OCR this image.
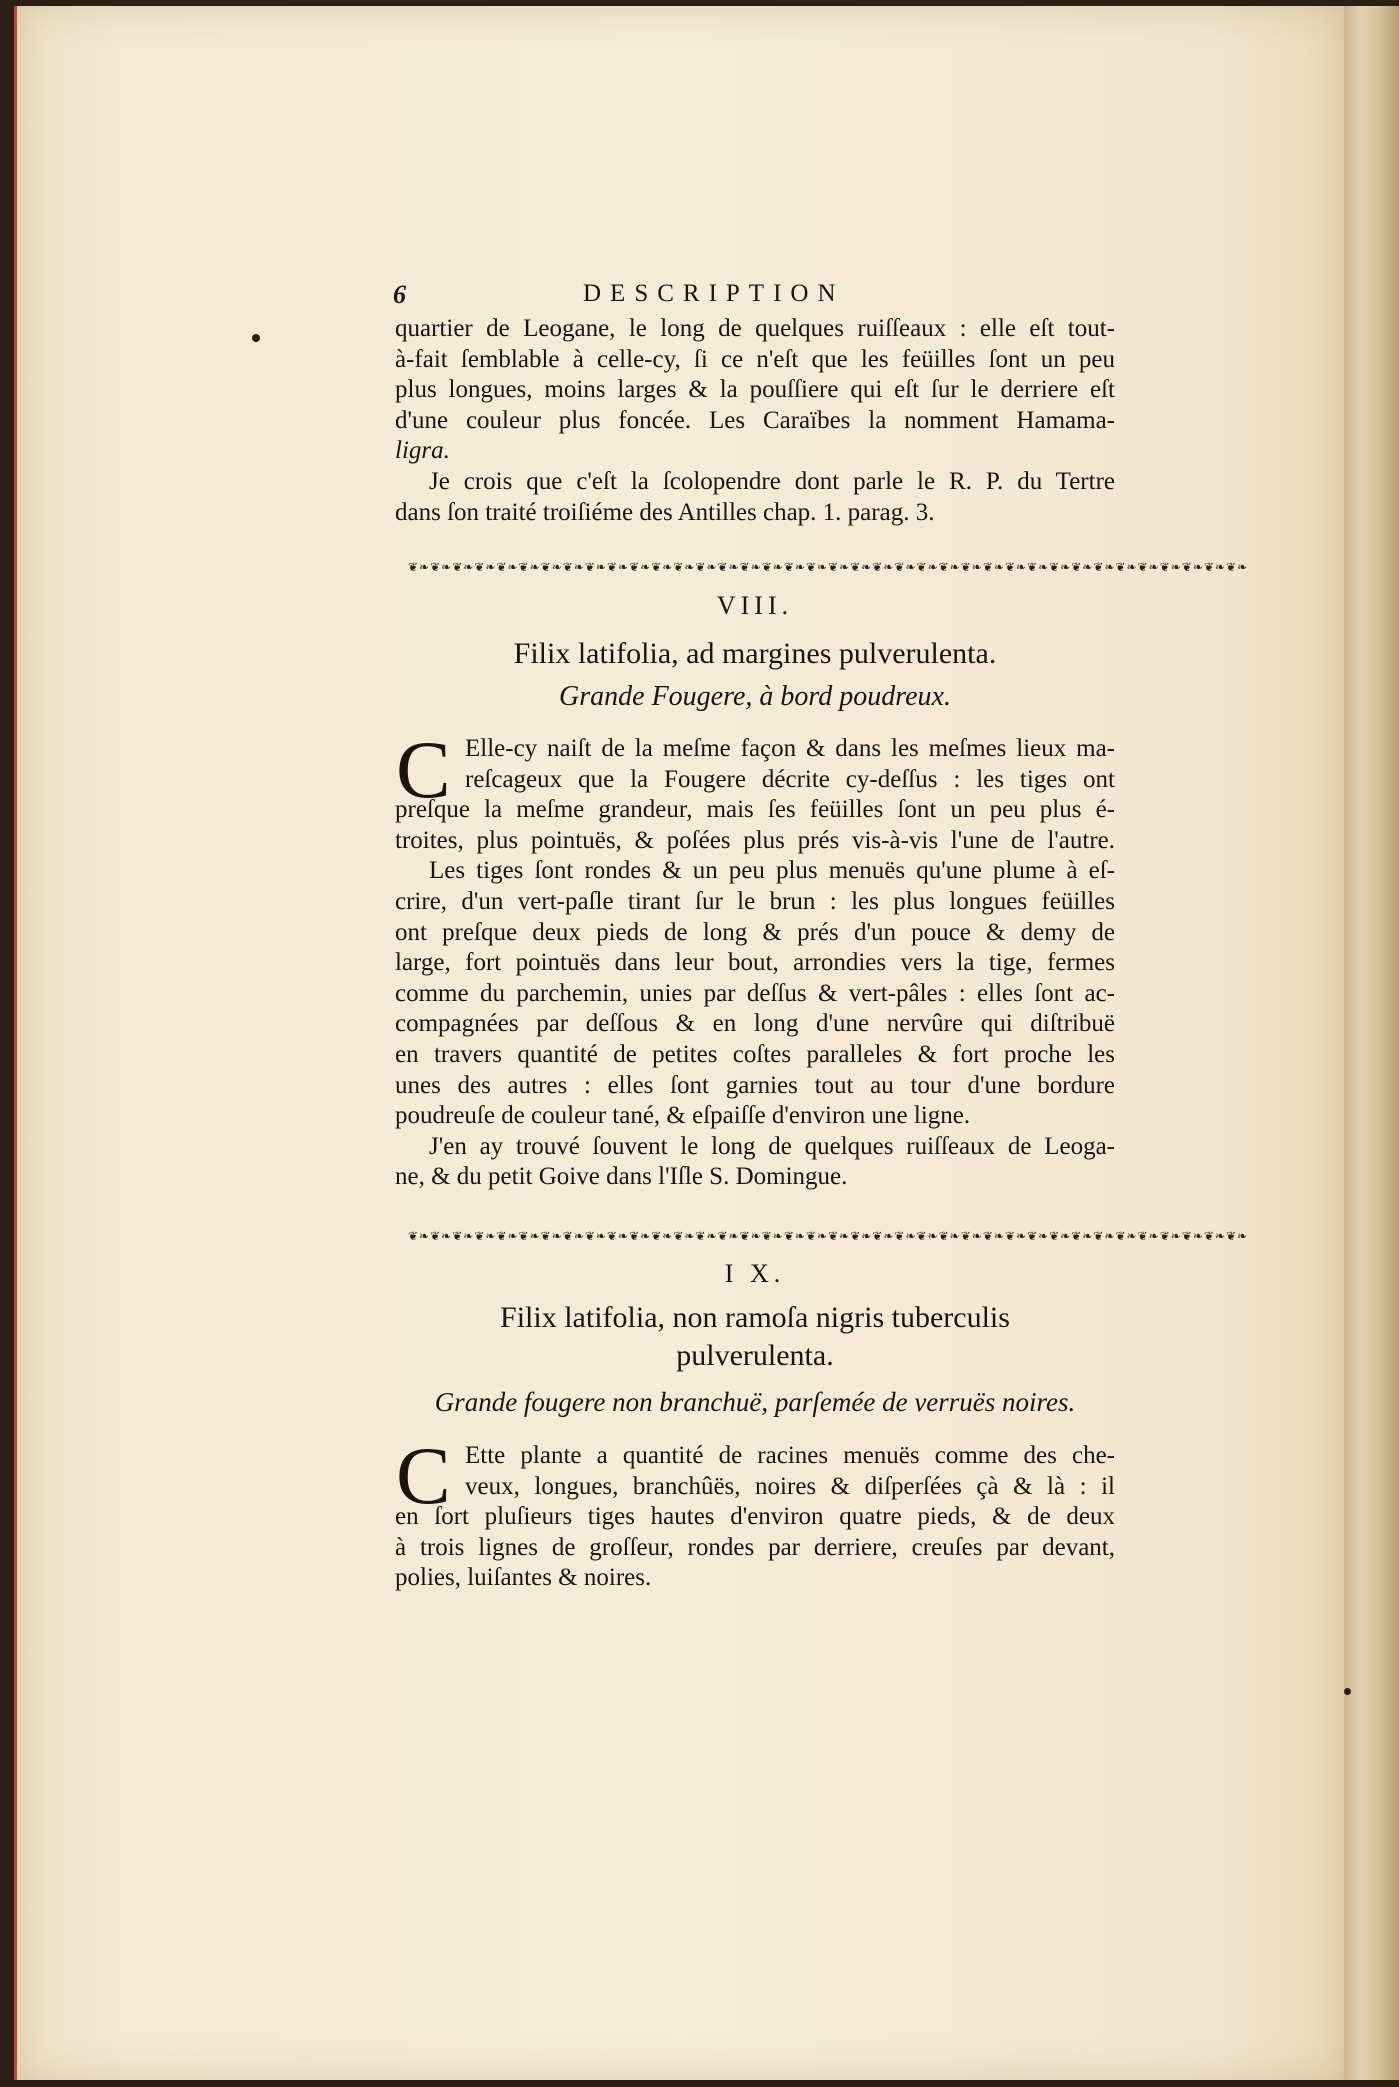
6	DESCRIPTION
quartier de Leogane, le long de quelques ruiſſeaux : elle eſt tout-
à-fait ſemblable à celle-cy, ſi ce n'eſt que les feüilles ſont un peu
plus longues, moins larges & la pouſſiere qui eſt ſur le derriere eſt
d'une couleur plus foncée. Les Caraïbes la nomment Hamama-
ligra.
Je crois que c'eſt la ſcolopendre dont parle le R. P. du Tertre
dans ſon traité troiſiéme des Antilles chap. 1. parag. 3.
❦❧❦❧❦❧❦❧❦❧❦❧❦❧❦❧❦❧❦❧❦❧❦❧❦❧❦❧❦❧❦❧❦❧❦❧❦❧❦❧❦❧❦❧❦❧❦❧❦❧❦❧❦❧❦❧❦❧❦❧❦❧❦❧❦❧❦❧❦❧❦❧❦❧❦❧
VIII.
Filix latifolia, ad margines pulverulenta.
Grande Fougere, à bord poudreux.
C Elle-cy naiſt de la meſme façon & dans les meſmes lieux ma-
reſcageux que la Fougere décrite cy-deſſus : les tiges ont
preſque la meſme grandeur, mais ſes feüilles ſont un peu plus é-
troites, plus pointuës, & poſées plus prés vis-à-vis l'une de l'autre.
Les tiges ſont rondes & un peu plus menuës qu'une plume à eſ-
crire, d'un vert-paſle tirant ſur le brun : les plus longues feüilles
ont preſque deux pieds de long & prés d'un pouce & demy de
large, fort pointuës dans leur bout, arrondies vers la tige, fermes
comme du parchemin, unies par deſſus & vert-pâles : elles ſont ac-
compagnées par deſſous & en long d'une nervûre qui diſtribuë
en travers quantité de petites coſtes paralleles & fort proche les
unes des autres : elles ſont garnies tout au tour d'une bordure
poudreuſe de couleur tané, & eſpaiſſe d'environ une ligne.
J'en ay trouvé ſouvent le long de quelques ruiſſeaux de Leoga-
ne, & du petit Goive dans l'Iſle S. Domingue.
❦❧❦❧❦❧❦❧❦❧❦❧❦❧❦❧❦❧❦❧❦❧❦❧❦❧❦❧❦❧❦❧❦❧❦❧❦❧❦❧❦❧❦❧❦❧❦❧❦❧❦❧❦❧❦❧❦❧❦❧❦❧❦❧❦❧❦❧❦❧❦❧❦❧❦❧
I X.
Filix latifolia, non ramoſa nigris tuberculis
pulverulenta.
Grande fougere non branchuë, parſemée de verruës noires.
C Ette plante a quantité de racines menuës comme des che-
veux, longues, branchûës, noires & diſperſées çà & là : il
en ſort pluſieurs tiges hautes d'environ quatre pieds, & de deux
à trois lignes de groſſeur, rondes par derriere, creuſes par devant,
polies, luiſantes & noires.
